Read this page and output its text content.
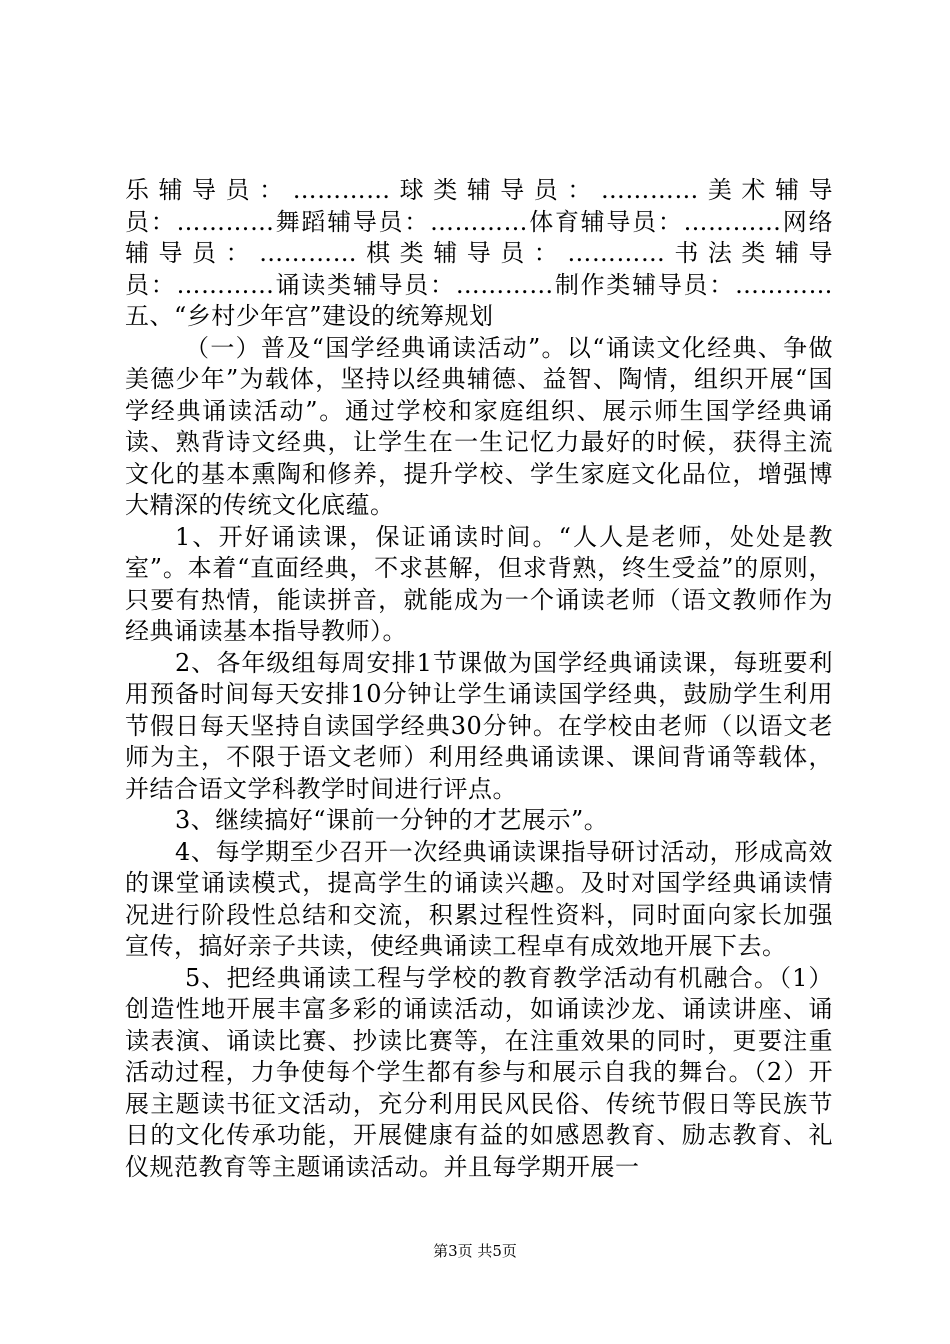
乐辅导员：…………球类辅导员：…………美术辅导员：…………舞蹈辅导员：…………体育辅导员：…………网络辅导员：…………棋类辅导员：…………书法类辅导员：…………诵读类辅导员：…………制作类辅导员：…………五、“乡村少年宫”建设的统筹规划

（一）普及“国学经典诵读活动”。以“诵读文化经典、争做美德少年”为载体，坚持以经典辅德、益智、陶情，组织开展“国学经典诵读活动”。通过学校和家庭组织、展示师生国学经典诵读、熟背诗文经典，让学生在一生记忆力最好的时候，获得主流文化的基本熏陶和修养，提升学校、学生家庭文化品位，增强博大精深的传统文化底蕴。

1、开好诵读课，保证诵读时间。“人人是老师，处处是教室”。本着“直面经典，不求甚解，但求背熟，终生受益”的原则，只要有热情，能读拼音，就能成为一个诵读老师（语文教师作为经典诵读基本指导教师）。

2、各年级组每周安排1节课做为国学经典诵读课，每班要利用预备时间每天安排10分钟让学生诵读国学经典，鼓励学生利用节假日每天坚持自读国学经典30分钟。在学校由老师（以语文老师为主，不限于语文老师）利用经典诵读课、课间背诵等载体，并结合语文学科教学时间进行评点。

3、继续搞好“课前一分钟的才艺展示”。

4、每学期至少召开一次经典诵读课指导研讨活动，形成高效的课堂诵读模式，提高学生的诵读兴趣。及时对国学经典诵读情况进行阶段性总结和交流，积累过程性资料，同时面向家长加强宣传，搞好亲子共读，使经典诵读工程卓有成效地开展下去。

5、把经典诵读工程与学校的教育教学活动有机融合。（1）创造性地开展丰富多彩的诵读活动，如诵读沙龙、诵读讲座、诵读表演、诵读比赛、抄读比赛等，在注重效果的同时，更要注重活动过程，力争使每个学生都有参与和展示自我的舞台。（2）开展主题读书征文活动，充分利用民风民俗、传统节假日等民族节日的文化传承功能，开展健康有益的如感恩教育、励志教育、礼仪规范教育等主题诵读活动。并且每学期开展一

第3页 共5页
